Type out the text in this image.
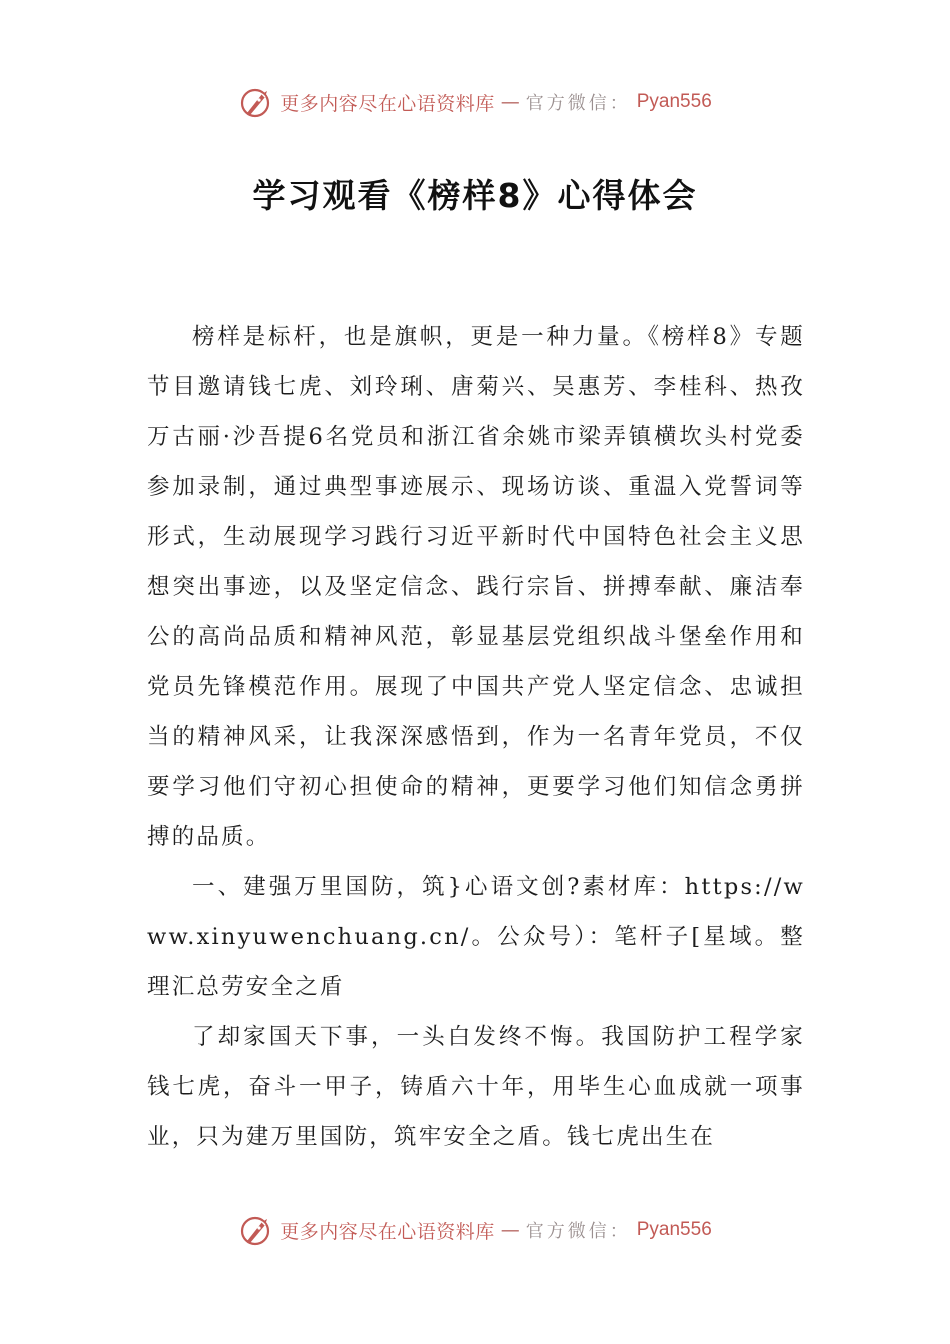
更多内容尽在心语资料库 — 官方微信： Pyan556
学习观看《榜样8》心得体会

榜样是标杆，也是旗帜，更是一种力量。《榜样8》专题节目邀请钱七虎、刘玲琍、唐菊兴、吴惠芳、李桂科、热孜万古丽·沙吾提6名党员和浙江省余姚市梁弄镇横坎头村党委参加录制，通过典型事迹展示、现场访谈、重温入党誓词等形式，生动展现学习践行习近平新时代中国特色社会主义思想突出事迹，以及坚定信念、践行宗旨、拼搏奉献、廉洁奉公的高尚品质和精神风范，彰显基层党组织战斗堡垒作用和党员先锋模范作用。展现了中国共产党人坚定信念、忠诚担当的精神风采，让我深深感悟到，作为一名青年党员，不仅要学习他们守初心担使命的精神，更要学习他们知信念勇拼搏的品质。

一、建强万里国防，筑}心语文创?素材库：https://www.xinyuwenchuang.cn/。公众号）：笔杆子[星域。整理汇总劳安全之盾

了却家国天下事，一头白发终不悔。我国防护工程学家钱七虎，奋斗一甲子，铸盾六十年，用毕生心血成就一项事业，只为建万里国防，筑牢安全之盾。钱七虎出生在

更多内容尽在心语资料库 — 官方微信： Pyan556
